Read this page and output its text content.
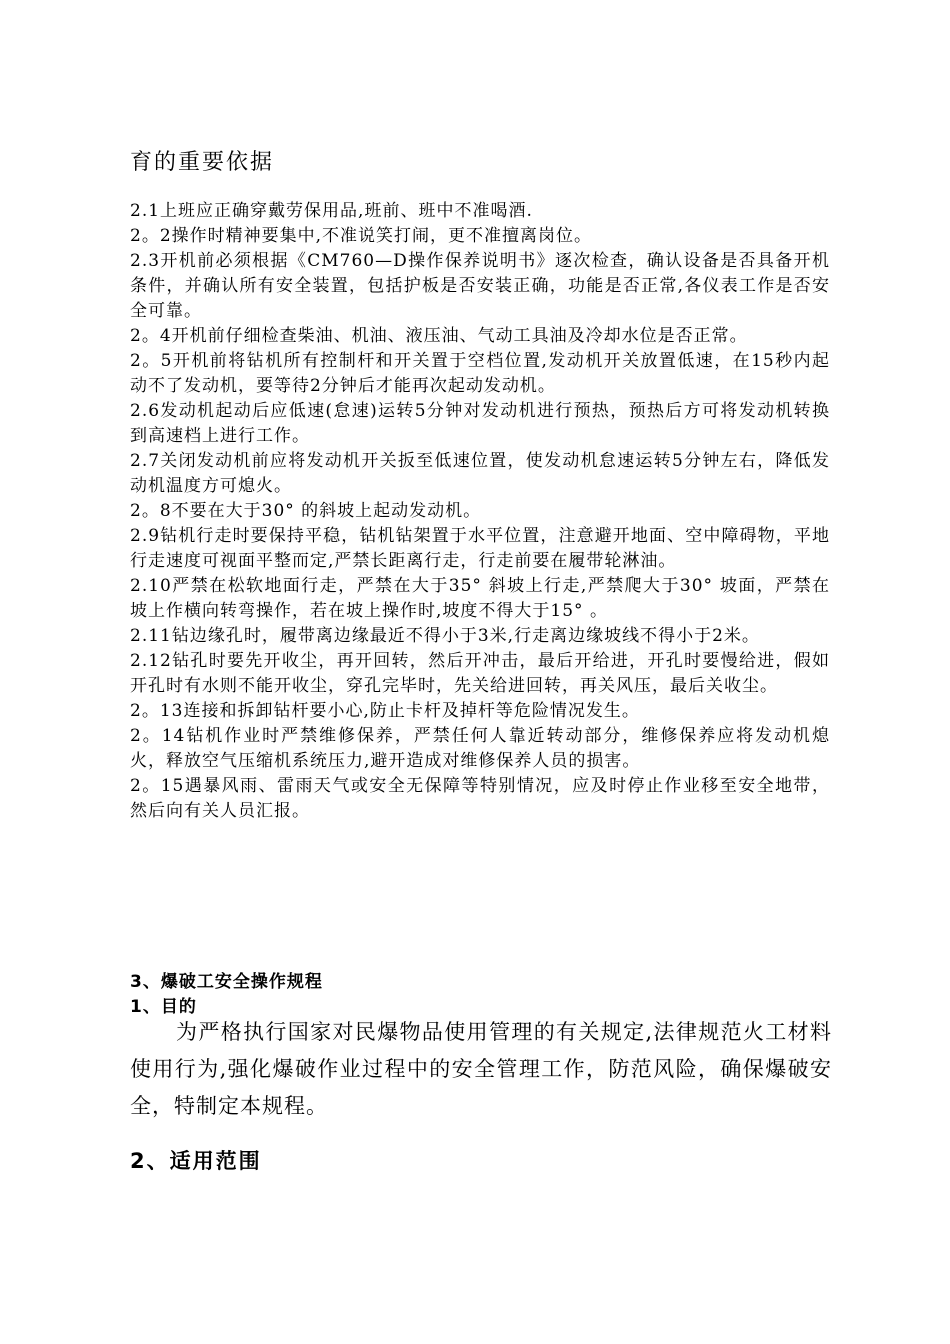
育的重要依据

2.1上班应正确穿戴劳保用品,班前、班中不准喝酒.
2。2操作时精神要集中,不准说笑打闹，更不准擅离岗位。
2.3开机前必须根据《CM760—D操作保养说明书》逐次检查，确认设备是否具备开机条件，并确认所有安全装置，包括护板是否安装正确，功能是否正常,各仪表工作是否安全可靠。
2。4开机前仔细检查柴油、机油、液压油、气动工具油及冷却水位是否正常。
2。5开机前将钻机所有控制杆和开关置于空档位置,发动机开关放置低速，在15秒内起动不了发动机，要等待2分钟后才能再次起动发动机。
2.6发动机起动后应低速(怠速)运转5分钟对发动机进行预热，预热后方可将发动机转换到高速档上进行工作。
2.7关闭发动机前应将发动机开关扳至低速位置，使发动机怠速运转5分钟左右，降低发动机温度方可熄火。
2。8不要在大于30° 的斜坡上起动发动机。
2.9钻机行走时要保持平稳，钻机钻架置于水平位置，注意避开地面、空中障碍物，平地行走速度可视面平整而定,严禁长距离行走，行走前要在履带轮淋油。
2.10严禁在松软地面行走，严禁在大于35° 斜坡上行走,严禁爬大于30° 坡面，严禁在坡上作横向转弯操作，若在坡上操作时,坡度不得大于15° 。
2.11钻边缘孔时，履带离边缘最近不得小于3米,行走离边缘坡线不得小于2米。
2.12钻孔时要先开收尘，再开回转，然后开冲击，最后开给进，开孔时要慢给进，假如开孔时有水则不能开收尘，穿孔完毕时，先关给进回转，再关风压，最后关收尘。
2。13连接和拆卸钻杆要小心,防止卡杆及掉杆等危险情况发生。
2。14钻机作业时严禁维修保养，严禁任何人靠近转动部分，维修保养应将发动机熄火，释放空气压缩机系统压力,避开造成对维修保养人员的损害。
2。15遇暴风雨、雷雨天气或安全无保障等特别情况，应及时停止作业移至安全地带，然后向有关人员汇报。
3、爆破工安全操作规程
1、目的

为严格执行国家对民爆物品使用管理的有关规定,法律规范火工材料使用行为,强化爆破作业过程中的安全管理工作，防范风险，确保爆破安全，特制定本规程。

2、适用范围
